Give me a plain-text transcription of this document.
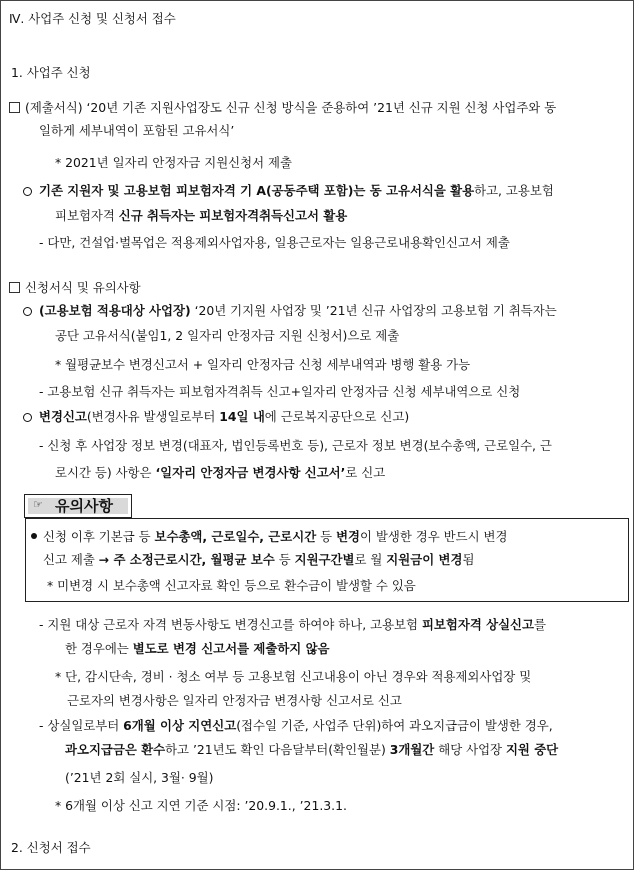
Ⅳ. 사업주 신청 및 신청서 접수
1. 사업주 신청
(제출서식) ‘20년 기존 지원사업장도 신규 신청 방식을 준용하여 ’21년 신규 지원 신청 사업주와 동
일하게 세부내역이 포함된 고유서식’
* 2021년 일자리 안정자금 지원신청서 제출
기존 지원자 및 고용보험 피보험자격 기 A(공동주택 포함)는 동 고유서식을 활용하고, 고용보험
피보험자격 신규 취득자는 피보험자격취득신고서 활용
- 다만, 건설업·벌목업은 적용제외사업자용, 일용근로자는 일용근로내용확인신고서 제출
신청서식 및 유의사항
(고용보험 적용대상 사업장) ‘20년 기지원 사업장 및 ’21년 신규 사업장의 고용보험 기 취득자는
공단 고유서식(붙임1, 2 일자리 안정자금 지원 신청서)으로 제출
* 월평균보수 변경신고서 + 일자리 안정자금 신청 세부내역과 병행 활용 가능
- 고용보험 신규 취득자는 피보험자격취득 신고+일자리 안정자금 신청 세부내역으로 신청
변경신고(변경사유 발생일로부터 14일 내에 근로복지공단으로 신고)
- 신청 후 사업장 정보 변경(대표자, 법인등록번호 등), 근로자 정보 변경(보수총액, 근로일수, 근
로시간 등) 사항은 ‘일자리 안정자금 변경사항 신고서’로 신고
☞ 유의사항
신청 이후 기본급 등 보수총액, 근로일수, 근로시간 등 변경이 발생한 경우 반드시 변경
신고 제출 → 주 소정근로시간, 월평균 보수 등 지원구간별로 월 지원금이 변경됨
* 미변경 시 보수총액 신고자료 확인 등으로 환수금이 발생할 수 있음
- 지원 대상 근로자 자격 변동사항도 변경신고를 하여야 하나, 고용보험 피보험자격 상실신고를
한 경우에는 별도로 변경 신고서를 제출하지 않음
* 단, 감시단속, 경비 · 청소 여부 등 고용보험 신고내용이 아닌 경우와 적용제외사업장 및
근로자의 변경사항은 일자리 안정자금 변경사항 신고서로 신고
- 상실일로부터 6개월 이상 지연신고(접수일 기준, 사업주 단위)하여 과오지급금이 발생한 경우,
과오지급금은 환수하고 ’21년도 확인 다음달부터(확인월분) 3개월간 해당 사업장 지원 중단
(’21년 2회 실시, 3월· 9월)
* 6개월 이상 신고 지연 기준 시점: ’20.9.1., ’21.3.1.
2. 신청서 접수
